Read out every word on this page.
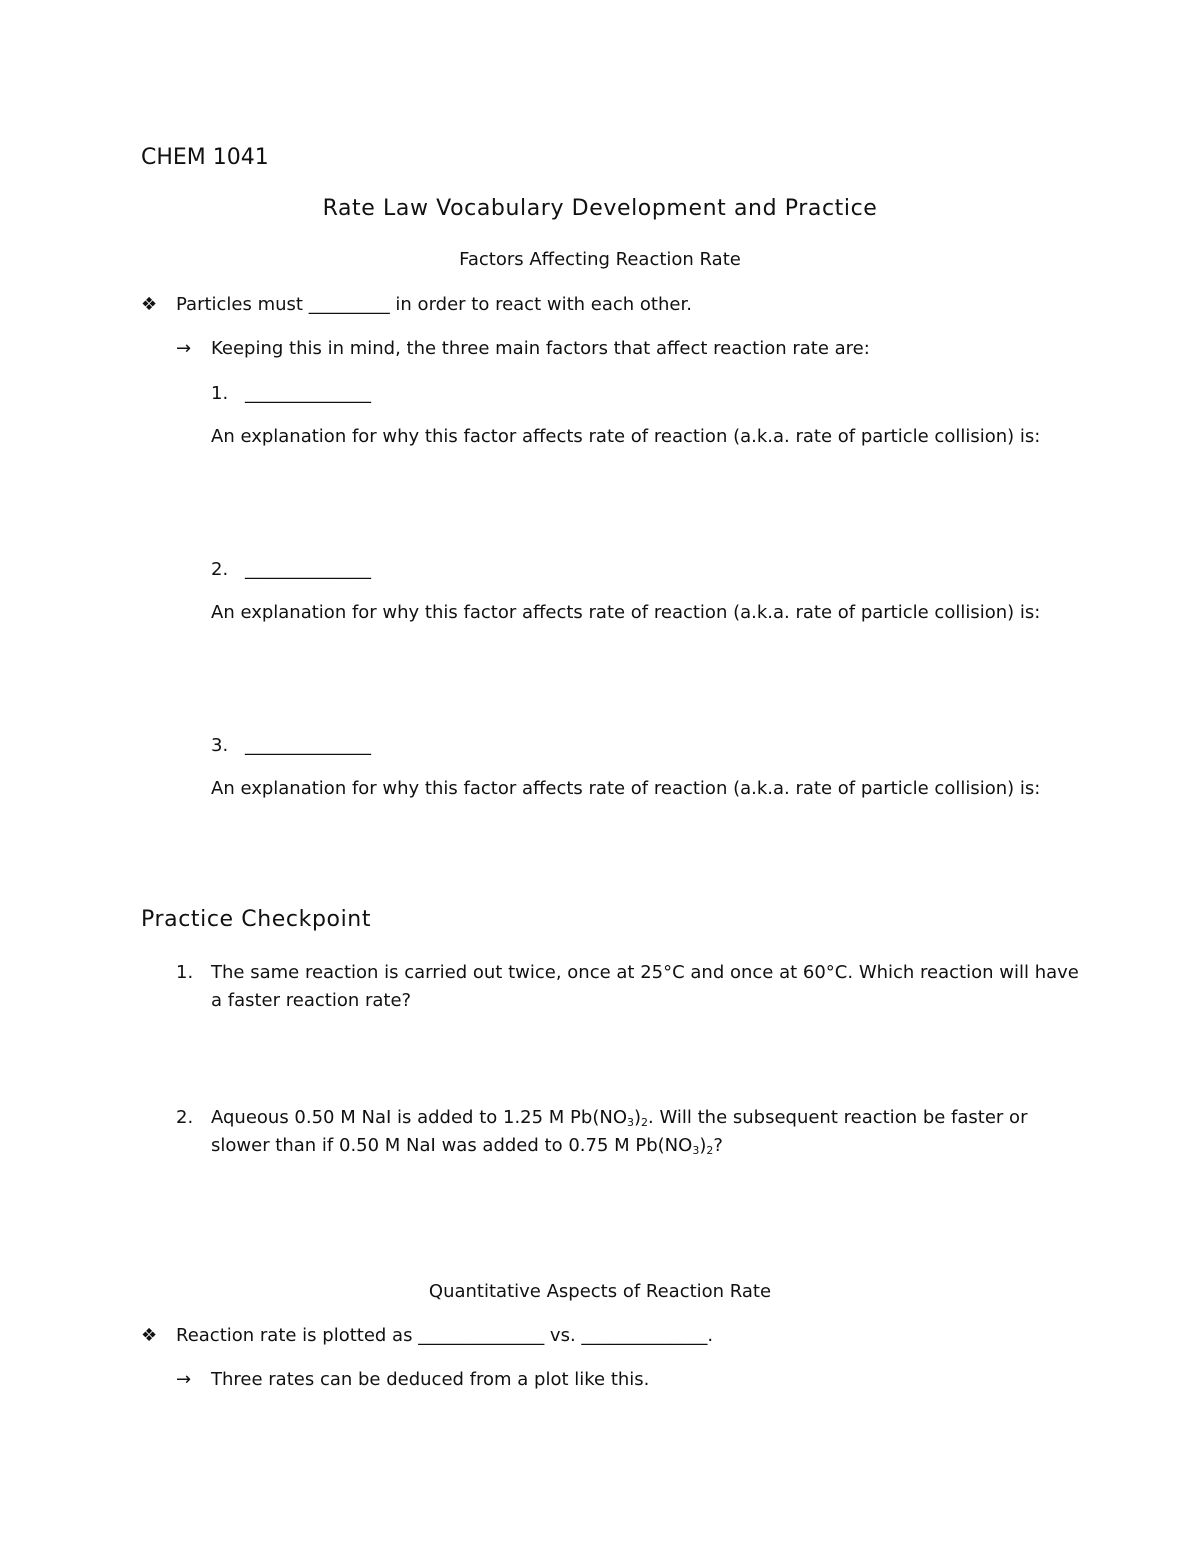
CHEM 1041
Rate Law Vocabulary Development and Practice
Factors Affecting Reaction Rate
❖ Particles must _________ in order to react with each other.
→ Keeping this in mind, the three main factors that affect reaction rate are:
1. ______________
An explanation for why this factor affects rate of reaction (a.k.a. rate of particle collision) is:
2. ______________
An explanation for why this factor affects rate of reaction (a.k.a. rate of particle collision) is:
3. ______________
An explanation for why this factor affects rate of reaction (a.k.a. rate of particle collision) is:
Practice Checkpoint
1. The same reaction is carried out twice, once at 25°C and once at 60°C. Which reaction will have
a faster reaction rate?
2. Aqueous 0.50 M NaI is added to 1.25 M $Pb(NO_3)_2$. Will the subsequent reaction be faster or
slower than if 0.50 M NaI was added to 0.75 M $Pb(NO_3)_2$?
Quantitative Aspects of Reaction Rate
❖ Reaction rate is plotted as ______________ vs. ______________.
→ Three rates can be deduced from a plot like this.
